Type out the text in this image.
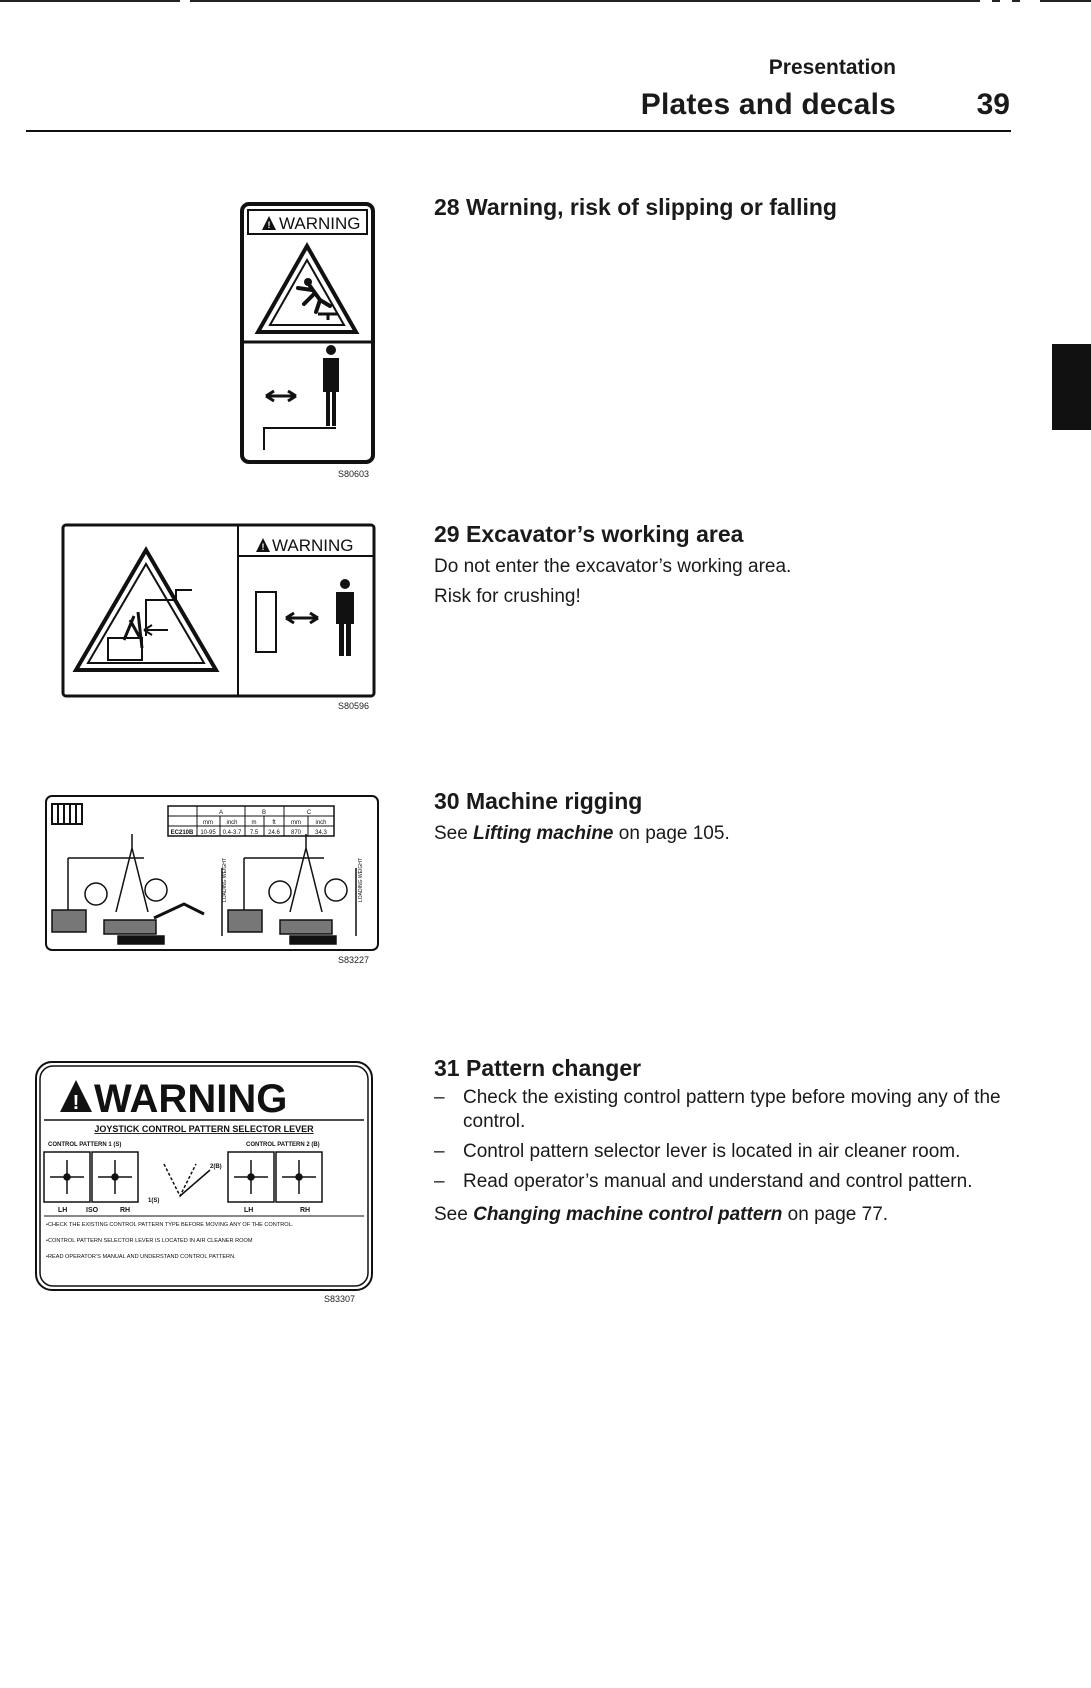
Presentation
Plates and decals	39
! WARNING
S80603
28 Warning, risk of slipping or falling
! WARNING
S80596
29 Excavator’s working area

Do not enter the excavator’s working area.

Risk for crushing!

A	B	C
mm inch m	ft	mm inch
EC210B 10-95 0.4-3.7 7.5 24.6 870 34.3
LOADING WEIGHT	LOADING WEIGHT
S83227
30 Machine rigging

See Lifting machine on page 105.

! WARNING
JOYSTICK CONTROL PATTERN SELECTOR LEVER
CONTROL PATTERN 1 (S)	CONTROL PATTERN 2 (B)
1(S)
2(B)
LH	ISO	RH	LH	RH
•CHECK THE EXISTING CONTROL PATTERN TYPE BEFORE MOVING ANY OF THE CONTROL.
•CONTROL PATTERN SELECTOR LEVER IS LOCATED IN AIR CLEANER ROOM
•READ OPERATOR’S MANUAL AND UNDERSTAND CONTROL PATTERN.
S83307
31 Pattern changer
– Check the existing control pattern type before moving any of the control.
– Control pattern selector lever is located in air cleaner room.
– Read operator’s manual and understand and control pattern.

See Changing machine control pattern on page 77.
